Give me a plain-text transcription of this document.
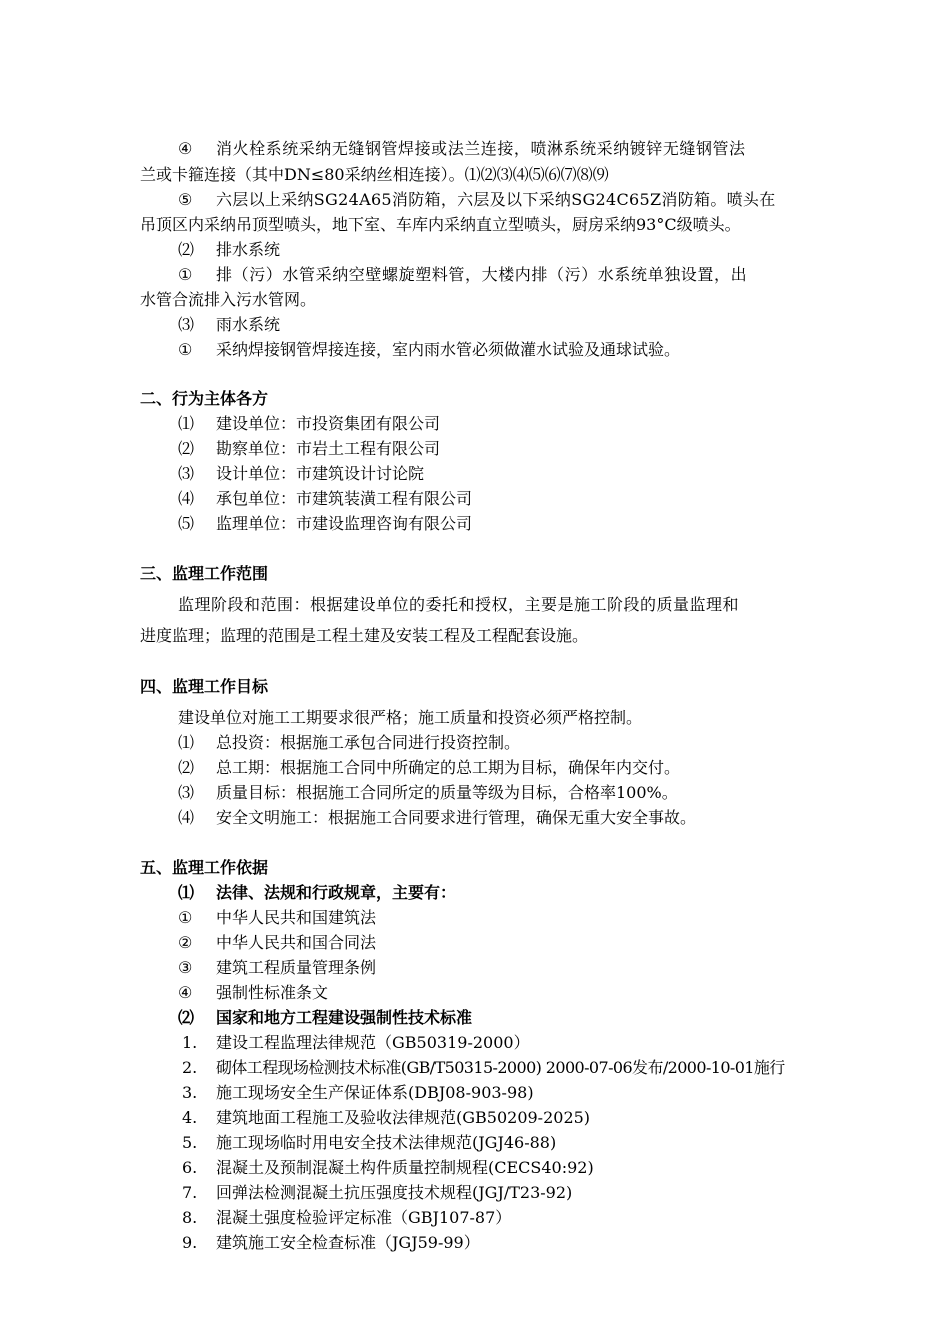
④ 消火栓系统采纳无缝钢管焊接或法兰连接，喷淋系统采纳镀锌无缝钢管法
兰或卡箍连接（其中DN≤80采纳丝相连接）。⑴⑵⑶⑷⑸⑹⑺⑻⑼
⑤ 六层以上采纳SG24A65消防箱，六层及以下采纳SG24C65Z消防箱。喷头在
吊顶区内采纳吊顶型喷头，地下室、车库内采纳直立型喷头，厨房采纳93°C级喷头。
⑵ 排水系统
① 排（污）水管采纳空壁螺旋塑料管，大楼内排（污）水系统单独设置，出
水管合流排入污水管网。
⑶ 雨水系统
① 采纳焊接钢管焊接连接，室内雨水管必须做灌水试验及通球试验。
二、行为主体各方
⑴ 建设单位：市投资集团有限公司
⑵ 勘察单位：市岩土工程有限公司
⑶ 设计单位：市建筑设计讨论院
⑷ 承包单位：市建筑装潢工程有限公司
⑸ 监理单位：市建设监理咨询有限公司
三、监理工作范围
监理阶段和范围：根据建设单位的委托和授权，主要是施工阶段的质量监理和
进度监理；监理的范围是工程土建及安装工程及工程配套设施。
四、监理工作目标
建设单位对施工工期要求很严格；施工质量和投资必须严格控制。
⑴ 总投资：根据施工承包合同进行投资控制。
⑵ 总工期：根据施工合同中所确定的总工期为目标，确保年内交付。
⑶ 质量目标：根据施工合同所定的质量等级为目标，合格率100%。
⑷ 安全文明施工：根据施工合同要求进行管理，确保无重大安全事故。
五、监理工作依据
⑴ 法律、法规和行政规章，主要有：
① 中华人民共和国建筑法
② 中华人民共和国合同法
③ 建筑工程质量管理条例
④ 强制性标准条文
⑵ 国家和地方工程建设强制性技术标准
1. 建设工程监理法律规范（GB50319-2000）
2. 砌体工程现场检测技术标准(GB/T50315-2000) 2000-07-06发布/2000-10-01施行
3. 施工现场安全生产保证体系(DBJ08-903-98)
4. 建筑地面工程施工及验收法律规范(GB50209-2025)
5. 施工现场临时用电安全技术法律规范(JGJ46-88)
6. 混凝土及预制混凝土构件质量控制规程(CECS40:92)
7. 回弹法检测混凝土抗压强度技术规程(JGJ/T23-92)
8. 混凝土强度检验评定标准（GBJ107-87）
9. 建筑施工安全检查标准（JGJ59-99）
